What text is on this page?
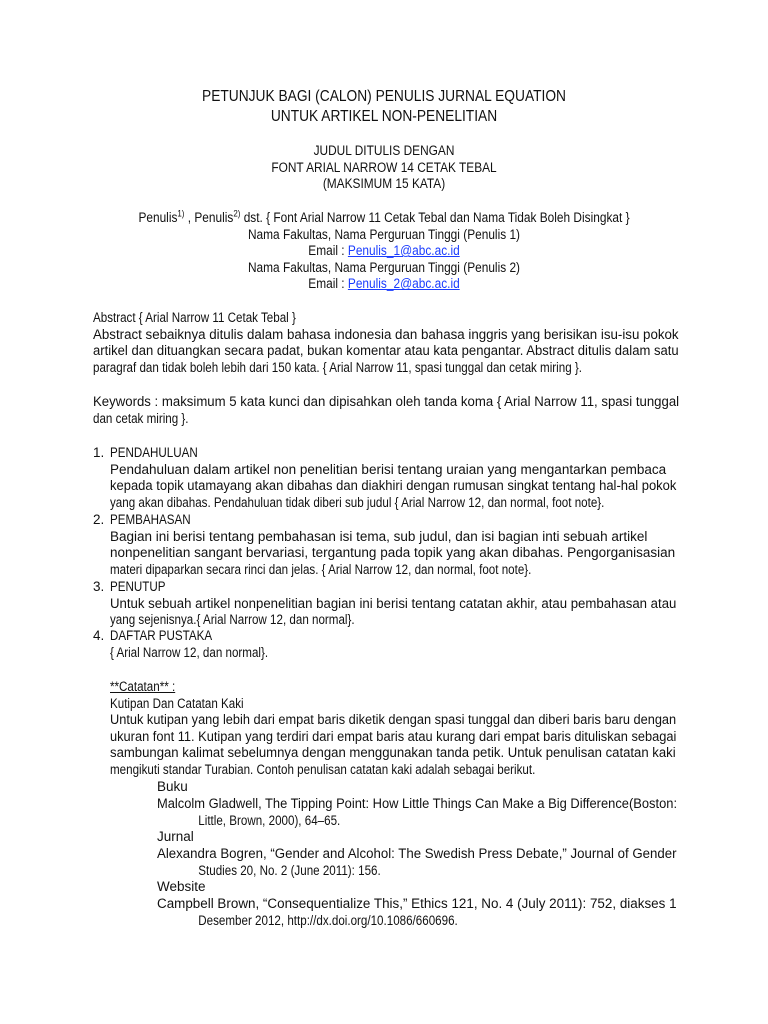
PETUNJUK BAGI (CALON) PENULIS JURNAL EQUATION
UNTUK ARTIKEL NON-PENELITIAN
JUDUL DITULIS DENGAN
FONT ARIAL NARROW 14 CETAK TEBAL
(MAKSIMUM 15 KATA)
Penulis$^{1)}$ , Penulis$^{2)}$ dst. { Font Arial Narrow 11 Cetak Tebal dan Nama Tidak Boleh Disingkat }
Nama Fakultas, Nama Perguruan Tinggi (Penulis 1)
Email : Penulis_1@abc.ac.id
Nama Fakultas, Nama Perguruan Tinggi (Penulis 2)
Email : Penulis_2@abc.ac.id
Abstract { Arial Narrow 11 Cetak Tebal }
Abstract sebaiknya ditulis dalam bahasa indonesia dan bahasa inggris yang berisikan isu-isu pokok
artikel dan dituangkan secara padat, bukan komentar atau kata pengantar. Abstract ditulis dalam satu
paragraf dan tidak boleh lebih dari 150 kata. { Arial Narrow 11, spasi tunggal dan cetak miring }.
Keywords : maksimum 5 kata kunci dan dipisahkan oleh tanda koma { Arial Narrow 11, spasi tunggal
dan cetak miring }.
1. PENDAHULUAN
Pendahuluan dalam artikel non penelitian berisi tentang uraian yang mengantarkan pembaca
kepada topik utamayang akan dibahas dan diakhiri dengan rumusan singkat tentang hal-hal pokok
yang akan dibahas. Pendahuluan tidak diberi sub judul { Arial Narrow 12, dan normal, foot note}.
2. PEMBAHASAN
Bagian ini berisi tentang pembahasan isi tema, sub judul, dan isi bagian inti sebuah artikel
nonpenelitian sangant bervariasi, tergantung pada topik yang akan dibahas. Pengorganisasian
materi dipaparkan secara rinci dan jelas. { Arial Narrow 12, dan normal, foot note}.
3. PENUTUP
Untuk sebuah artikel nonpenelitian bagian ini berisi tentang catatan akhir, atau pembahasan atau
yang sejenisnya.{ Arial Narrow 12, dan normal}.
4. DAFTAR PUSTAKA
{ Arial Narrow 12, dan normal}.
**Catatan** :
Kutipan Dan Catatan Kaki
Untuk kutipan yang lebih dari empat baris diketik dengan spasi tunggal dan diberi baris baru dengan
ukuran font 11. Kutipan yang terdiri dari empat baris atau kurang dari empat baris dituliskan sebagai
sambungan kalimat sebelumnya dengan menggunakan tanda petik. Untuk penulisan catatan kaki
mengikuti standar Turabian. Contoh penulisan catatan kaki adalah sebagai berikut.
Buku
Malcolm Gladwell, The Tipping Point: How Little Things Can Make a Big Difference(Boston:
Little, Brown, 2000), 64–65.
Jurnal
Alexandra Bogren, “Gender and Alcohol: The Swedish Press Debate,” Journal of Gender
Studies 20, No. 2 (June 2011): 156.
Website
Campbell Brown, “Consequentialize This,” Ethics 121, No. 4 (July 2011): 752, diakses 1
Desember 2012, http://dx.doi.org/10.1086/660696.
